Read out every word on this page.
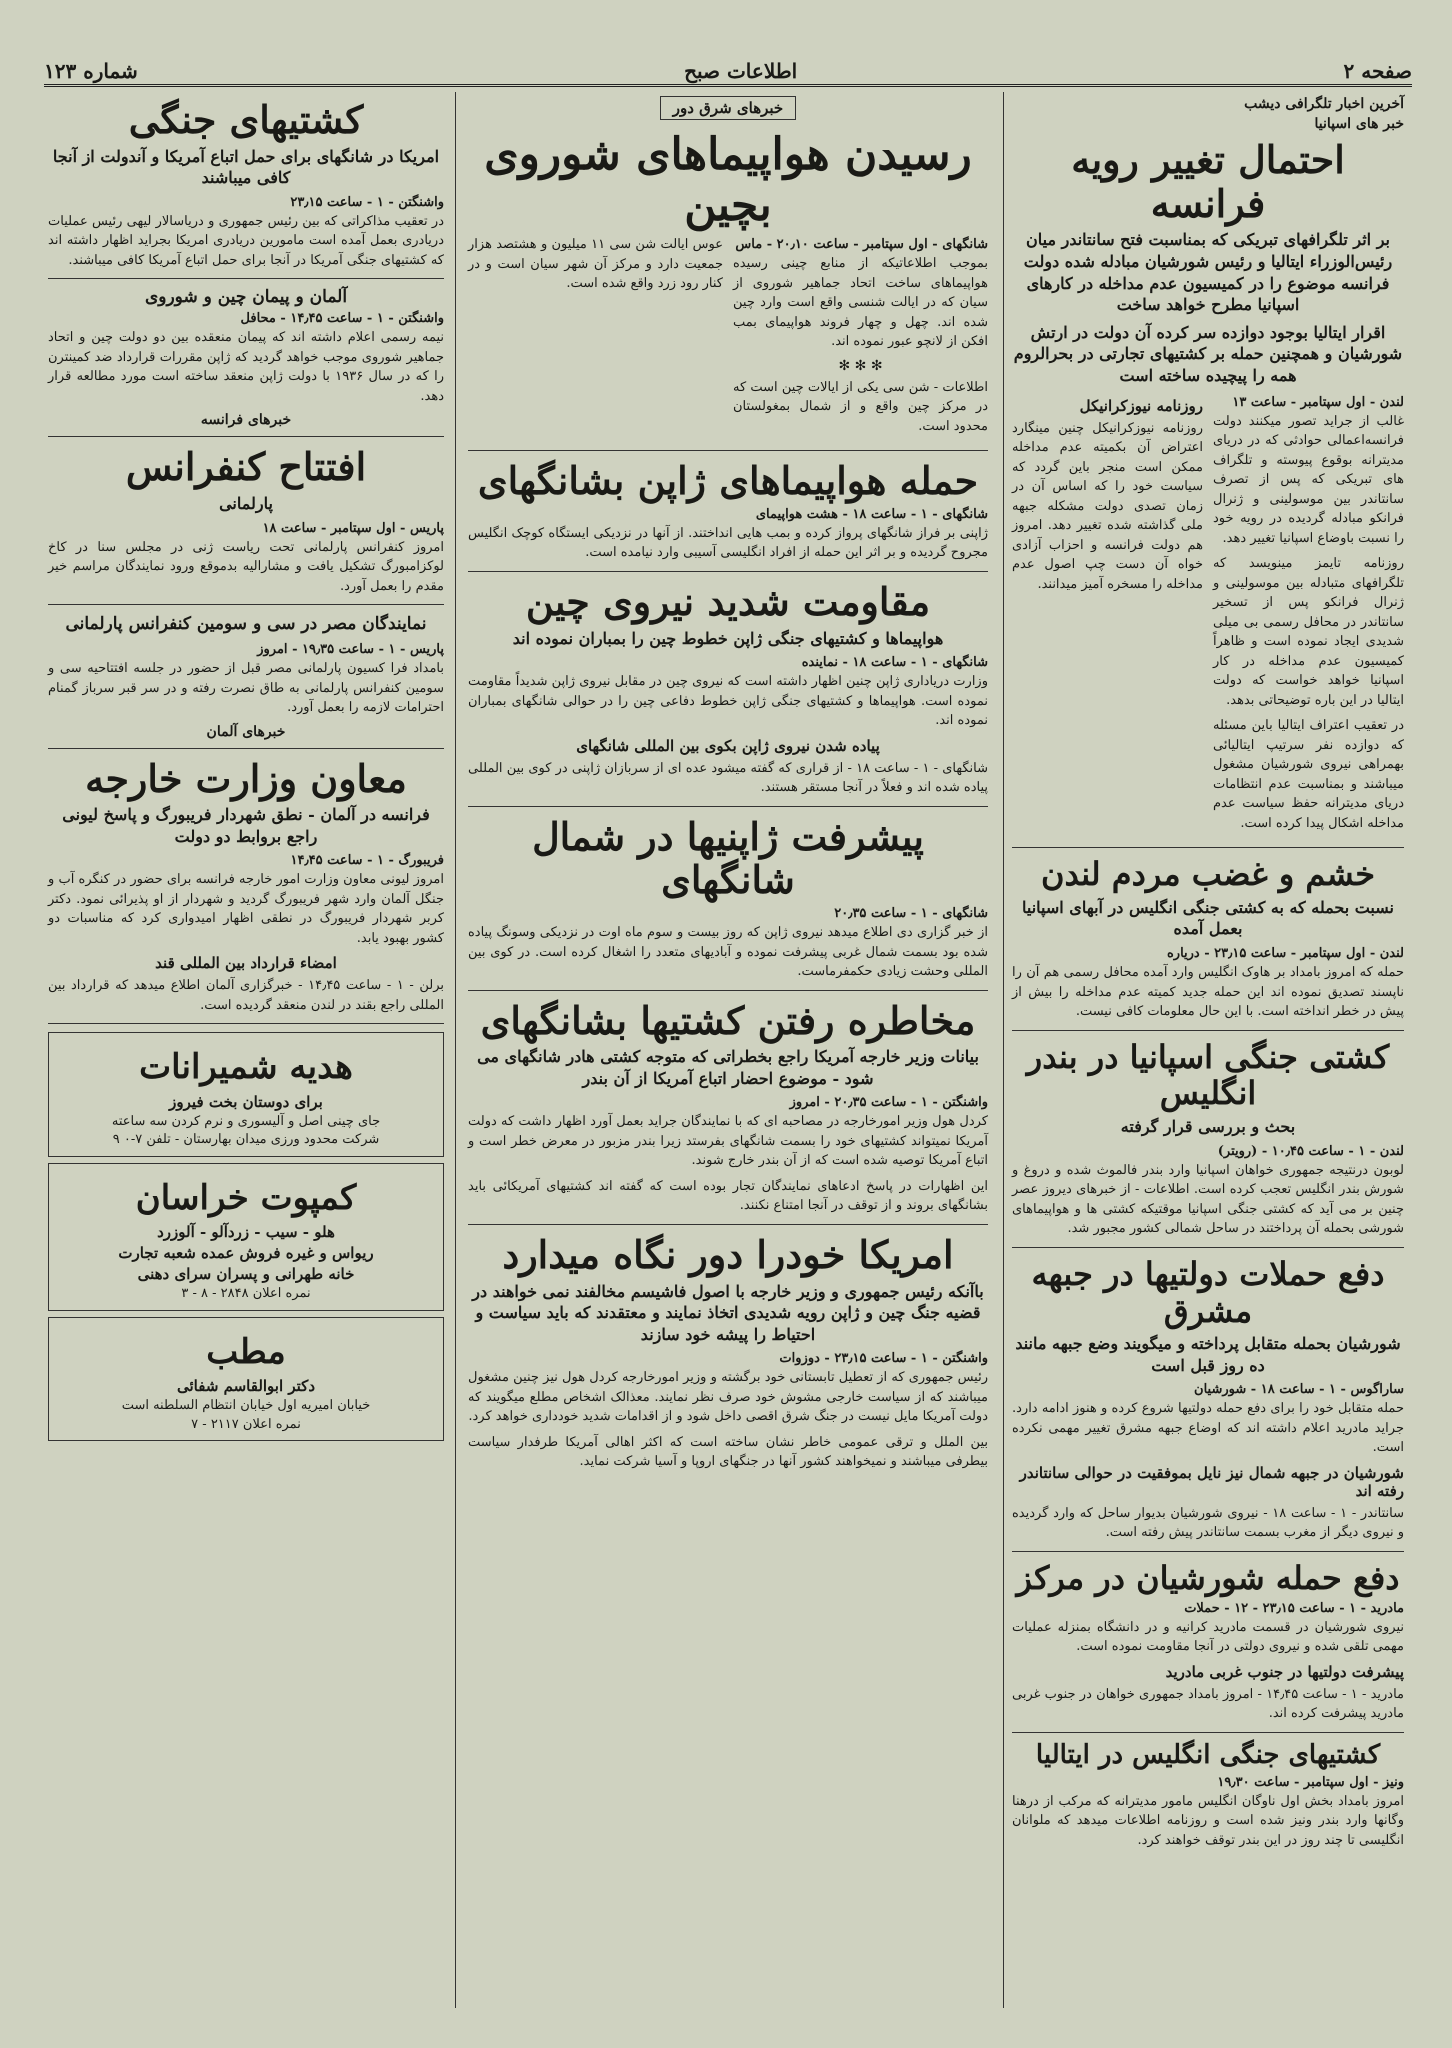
صفحه ۲
اطلاعات صبح
شماره ۱۲۳
آخرین اخبار تلگرافی دیشب
خبر های اسپانیا
احتمال تغییر رویه فرانسه
بر اثر تلگرافهای تبریکی که بمناسبت فتح سانتاندر میان رئیس‌الوزراء ایتالیا و رئیس شورشیان مبادله شده دولت فرانسه موضوع را در کمیسیون عدم مداخله در کارهای اسپانیا مطرح خواهد ساخت
اقرار ایتالیا بوجود دوازده سر کرده آن دولت در ارتش شورشیان و همچنین حمله بر کشتیهای تجارتی در بحرالروم همه را پیچیده ساخته است
لندن - اول سپتامبر - ساعت ۱۳
غالب از جراید تصور میکنند دولت فرانسه‌اعمالی حوادثی که در دریای مدیترانه بوقوع پیوسته و تلگراف های تبریکی که پس از تصرف سانتاندر بین موسولینی و ژنرال فرانکو مبادله گردیده در رویه خود را نسبت باوضاع اسپانیا تغییر دهد.
روزنامه تایمز مینویسد که تلگرافهای متبادله بین موسولینی و ژنرال فرانکو پس از تسخیر سانتاندر در محافل رسمی بی میلی شدیدی ایجاد نموده است و ظاهراً کمیسیون عدم مداخله در کار اسپانیا خواهد خواست که دولت ایتالیا در این باره توضیحاتی بدهد.
در تعقیب اعتراف ایتالیا باین مسئله که دوازده نفر سرتیپ ایتالیائی بهمراهی نیروی شورشیان مشغول میباشند و بمناسبت عدم انتظامات دریای مدیترانه حفظ سیاست عدم مداخله اشکال پیدا کرده است.
روزنامه نیوزکرانیکل
روزنامه نیوزکرانیکل چنین مینگارد اعتراض آن بکمیته عدم مداخله ممکن است منجر باین گردد که سیاست خود را که اساس آن در زمان تصدی دولت مشکله جبهه ملی گذاشته شده تغییر دهد. امروز هم دولت فرانسه و احزاب آزادی خواه آن دست چپ اصول عدم مداخله را مسخره آمیز میدانند.
خشم و غضب مردم لندن
نسبت بحمله که به کشتی جنگی انگلیس در آبهای اسپانیا بعمل آمده
لندن - اول سپتامبر - ساعت ۲۳٫۱۵ - دریاره
حمله که امروز بامداد بر هاوک انگلیس وارد آمده محافل رسمی هم آن را ناپسند تصدیق نموده اند این حمله جدید کمیته عدم مداخله را بیش از پیش در خطر انداخته است. با این حال معلومات کافی نیست.
کشتی جنگی اسپانیا در بندر انگلیس
بحث و بررسی قرار گرفته
لندن - ۱ - ساعت ۱۰٫۴۵ - (رویتر)
لوبون درنتیجه جمهوری خواهان اسپانیا وارد بندر فالموث شده و دروغ و شورش بندر انگلیس تعجب کرده است. اطلاعات - از خبرهای دیروز عصر چنین بر می آید که کشتی جنگی اسپانیا موقتیکه کشتی ها و هواپیماهای شورشی بحمله آن پرداختند در ساحل شمالی کشور مجبور شد.
دفع حملات دولتیها در جبهه مشرق
شورشیان بحمله متقابل پرداخته و میگویند وضع جبهه مانند ده روز قبل است
ساراگوس - ۱ - ساعت ۱۸ - شورشیان
حمله متقابل خود را برای دفع حمله دولتیها شروع کرده و هنوز ادامه دارد. جراید مادرید اعلام داشته اند که اوضاع جبهه مشرق تغییر مهمی نکرده است.
شورشیان در جبهه شمال نیز نایل بموفقیت در حوالی سانتاندر رفته اند
سانتاندر - ۱ - ساعت ۱۸ - نیروی شورشیان بدیوار ساحل که وارد گردیده و نیروی دیگر از مغرب بسمت سانتاندر پیش رفته است.
دفع حمله شورشیان در مرکز
مادرید - ۱ - ساعت ۲۳٫۱۵ - ۱۲ - حملات
نیروی شورشیان در قسمت مادرید کرانیه و در دانشگاه بمنزله عملیات مهمی تلقی شده و نیروی دولتی در آنجا مقاومت نموده است.
پیشرفت دولتیها در جنوب غربی مادرید
مادرید - ۱ - ساعت ۱۴٫۴۵ - امروز بامداد جمهوری خواهان در جنوب غربی مادرید پیشرفت کرده اند.
کشتیهای جنگی انگلیس در ایتالیا
ونیز - اول سپتامبر - ساعت ۱۹٫۳۰
امروز بامداد بخش اول ناوگان انگلیس مامور مدیترانه که مرکب از درهنا وگانها وارد بندر ونیز شده است و روزنامه اطلاعات میدهد که ملوانان انگلیسی تا چند روز در این بندر توقف خواهند کرد.
خبرهای شرق دور
رسیدن هواپیماهای شوروی بچین
شانگهای - اول سپتامبر - ساعت ۲۰٫۱۰ - ماس
بموجب اطلاعاتیکه از منابع چینی رسیده هواپیماهای ساخت اتحاد جماهیر شوروی از سیان که در ایالت شنسی واقع است وارد چین شده اند. چهل و چهار فروند هواپیمای بمب افکن از لانچو عبور نموده اند.
✻ ✻ ✻
اطلاعات - شن سی یکی از ایالات چین است که در مرکز چین واقع و از شمال بمغولستان محدود است.
عوس ایالت شن سی ۱۱ میلیون و هشتصد هزار جمعیت دارد و مرکز آن شهر سیان است و در کنار رود زرد واقع شده است.
حمله هواپیماهای ژاپن بشانگهای
شانگهای - ۱ - ساعت ۱۸ - هشت هواپیمای
ژاپنی بر فراز شانگهای پرواز کرده و بمب هایی انداختند. از آنها در نزدیکی ایستگاه کوچک انگلیس مجروح گردیده و بر اثر این حمله از افراد انگلیسی آسیبی وارد نیامده است.
مقاومت شدید نیروی چین
هواپیماها و کشتیهای جنگی ژاپن خطوط چین را بمباران نموده اند
شانگهای - ۱ - ساعت ۱۸ - نماینده
وزارت دریاداری ژاپن چنین اظهار داشته است که نیروی چین در مقابل نیروی ژاپن شدیداً مقاومت نموده است. هواپیماها و کشتیهای جنگی ژاپن خطوط دفاعی چین را در حوالی شانگهای بمباران نموده اند.
پیاده شدن نیروی ژاپن بکوی بین المللی شانگهای
شانگهای - ۱ - ساعت ۱۸ - از قراری که گفته میشود عده ای از سربازان ژاپنی در کوی بین المللی پیاده شده اند و فعلاً در آنجا مستقر هستند.
پیشرفت ژاپنیها در شمال شانگهای
شانگهای - ۱ - ساعت ۲۰٫۳۵
از خبر گزاری دی اطلاع میدهد نیروی ژاپن که روز بیست و سوم ماه اوت در نزدیکی وسونگ پیاده شده بود بسمت شمال غربی پیشرفت نموده و آبادیهای متعدد را اشغال کرده است. در کوی بین المللی وحشت زیادی حکمفرماست.
مخاطره رفتن کشتیها بشانگهای
بیانات وزیر خارجه آمریکا راجع بخطراتی که متوجه کشتی هادر شانگهای می شود - موضوع احضار اتباع آمریکا از آن بندر
واشنگتن - ۱ - ساعت ۲۰٫۳۵ - امروز
کردل هول وزیر امورخارجه در مصاحبه ای که با نمایندگان جراید بعمل آورد اظهار داشت که دولت آمریکا نمیتواند کشتیهای خود را بسمت شانگهای بفرستد زیرا بندر مزبور در معرض خطر است و اتباع آمریکا توصیه شده است که از آن بندر خارج شوند.
این اظهارات در پاسخ ادعاهای نمایندگان تجار بوده است که گفته اند کشتیهای آمریکائی باید بشانگهای بروند و از توقف در آنجا امتناع نکنند.
امریکا خودرا دور نگاه میدارد
باآنکه رئیس جمهوری و وزیر خارجه با اصول فاشیسم مخالفند نمی خواهند در قضیه جنگ چین و ژاپن رویه شدیدی اتخاذ نمایند و معتقدند که باید سیاست و احتیاط را پیشه خود سازند
واشنگتن - ۱ - ساعت ۲۳٫۱۵ - دوزوات
رئیس جمهوری که از تعطیل تابستانی خود برگشته و وزیر امورخارجه کردل هول نیز چنین مشغول میباشند که از سیاست خارجی مشوش خود صرف نظر نمایند. معذالک اشخاص مطلع میگویند که دولت آمریکا مایل نیست در جنگ شرق اقصی داخل شود و از اقدامات شدید خودداری خواهد کرد.
بین الملل و ترقی عمومی خاطر نشان ساخته است که اکثر اهالی آمریکا طرفدار سیاست بیطرفی میباشند و نمیخواهند کشور آنها در جنگهای اروپا و آسیا شرکت نماید.
کشتیهای جنگی
امریکا در شانگهای برای حمل اتباع آمریکا و آندولت از آنجا کافی میباشند
واشنگتن - ۱ - ساعت ۲۳٫۱۵
در تعقیب مذاکراتی که بین رئیس جمهوری و دریاسالار لیهی رئیس عملیات دریادری بعمل آمده است مامورین دریادری امریکا بجراید اظهار داشته اند که کشتیهای جنگی آمریکا در آنجا برای حمل اتباع آمریکا کافی میباشند.
آلمان و پیمان چین و شوروی
واشنگتن - ۱ - ساعت ۱۴٫۴۵ - محافل
نیمه رسمی اعلام داشته اند که پیمان منعقده بین دو دولت چین و اتحاد جماهیر شوروی موجب خواهد گردید که ژاپن مقررات قرارداد ضد کمینترن را که در سال ۱۹۳۶ با دولت ژاپن منعقد ساخته است مورد مطالعه قرار دهد.
خبرهای فرانسه
افتتاح کنفرانس
پارلمانی
پاریس - اول سپتامبر - ساعت ۱۸
امروز کنفرانس پارلمانی تحت ریاست ژنی در مجلس سنا در کاخ لوکزامبورگ تشکیل یافت و مشارالیه بدموقع ورود نمایندگان مراسم خیر مقدم را بعمل آورد.
نمایندگان مصر در سی و سومین کنفرانس پارلمانی
پاریس - ۱ - ساعت ۱۹٫۳۵ - امروز
بامداد فرا کسیون پارلمانی مصر قبل از حضور در جلسه افتتاحیه سی و سومین کنفرانس پارلمانی به طاق نصرت رفته و در سر قبر سرباز گمنام احترامات لازمه را بعمل آورد.
خبرهای آلمان
معاون وزارت خارجه
فرانسه در آلمان - نطق شهردار فریبورگ و پاسخ لیونی راجع بروابط دو دولت
فریبورگ - ۱ - ساعت ۱۴٫۴۵
امروز لیونی معاون وزارت امور خارجه فرانسه برای حضور در کنگره آب و جنگل آلمان وارد شهر فریبورگ گردید و شهردار از او پذیرائی نمود. دکتر کربر شهردار فریبورگ در نطقی اظهار امیدواری کرد که مناسبات دو کشور بهبود یابد.
امضاء قرارداد بین المللی قند
برلن - ۱ - ساعت ۱۴٫۴۵ - خبرگزاری آلمان اطلاع میدهد که قرارداد بین المللی راجع بقند در لندن منعقد گردیده است.
هدیه شمیرانات
برای دوستان بخت فیروز
جای چینی اصل و آلیسوری و نرم کردن سه ساعته
شرکت محدود ورزی میدان بهارستان - تلفن ۷-۰ ۹
کمپوت خراسان
هلو - سیب - زردآلو - آلوزرد
ریواس و غیره فروش عمده شعبه تجارت
خانه طهرانی و پسران سرای دهنی
نمره اعلان ۲۸۴۸ - ۸ - ۳
مطب
دکتر ابوالقاسم شفائی
خیابان امیریه اول خیابان انتظام السلطنه است
نمره اعلان ۲۱۱۷ - ۷
